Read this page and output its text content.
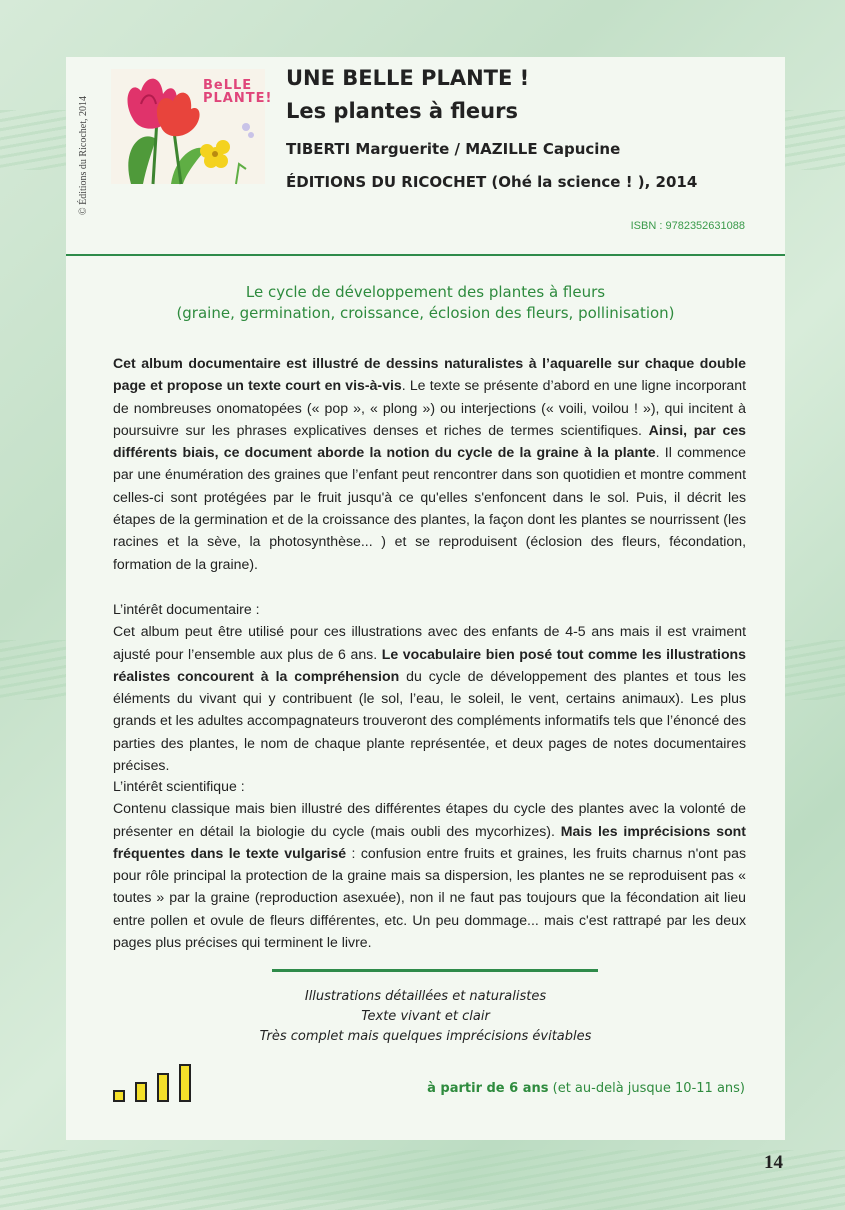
© Éditions du Ricochet, 2014
BeLLE
PLANTE!
UNE BELLE PLANTE !
Les plantes à fleurs
TIBERTI Marguerite / MAZILLE Capucine
ÉDITIONS DU RICOCHET (Ohé la science ! ), 2014
ISBN : 9782352631088
Le cycle de développement des plantes à fleurs
(graine, germination, croissance, éclosion des fleurs, pollinisation)
Cet album documentaire est illustré de dessins naturalistes à l’aquarelle sur chaque double page et propose un texte court en vis-à-vis. Le texte se présente d’abord en une ligne incorporant de nombreuses onomatopées (« pop », « plong ») ou interjections (« voili, voilou ! »), qui incitent à poursuivre sur les phrases explicatives denses et riches de termes scientifiques. Ainsi, par ces différents biais, ce document aborde la notion du cycle de la graine à la plante. Il commence par une énumération des graines que l’enfant peut rencontrer dans son quotidien et montre comment celles-ci sont protégées par le fruit jusqu'à ce qu'elles s'enfoncent dans le sol. Puis, il décrit les étapes de la germination et de la croissance des plantes, la façon dont les plantes se nourrissent (les racines et la sève, la photosynthèse... ) et se reproduisent (éclosion des fleurs, fécondation, formation de la graine).
L’intérêt documentaire :
Cet album peut être utilisé pour ces illustrations avec des enfants de 4-5 ans mais il est vraiment ajusté pour l’ensemble aux plus de 6 ans. Le vocabulaire bien posé tout comme les illustrations réalistes concourent à la compréhension du cycle de développement des plantes et tous les éléments du vivant qui y contribuent (le sol, l’eau, le soleil, le vent, certains animaux). Les plus grands et les adultes accompagnateurs trouveront des compléments informatifs tels que l’énoncé des parties des plantes, le nom de chaque plante représentée, et deux pages de notes documentaires précises.
L’intérêt scientifique :
Contenu classique mais bien illustré des différentes étapes du cycle des plantes avec la volonté de présenter en détail la biologie du cycle (mais oubli des mycorhizes). Mais les imprécisions sont fréquentes dans le texte vulgarisé : confusion entre fruits et graines, les fruits charnus n'ont pas pour rôle principal la protection de la graine mais sa dispersion, les plantes ne se reproduisent pas « toutes » par la graine (reproduction asexuée), non il ne faut pas toujours que la fécondation ait lieu entre pollen et ovule de fleurs différentes, etc. Un peu dommage... mais c'est rattrapé par les deux pages plus précises qui terminent le livre.
Illustrations détaillées et naturalistes
Texte vivant et clair
Très complet mais quelques imprécisions évitables
à partir de 6 ans (et au-delà jusque 10-11 ans)
14
